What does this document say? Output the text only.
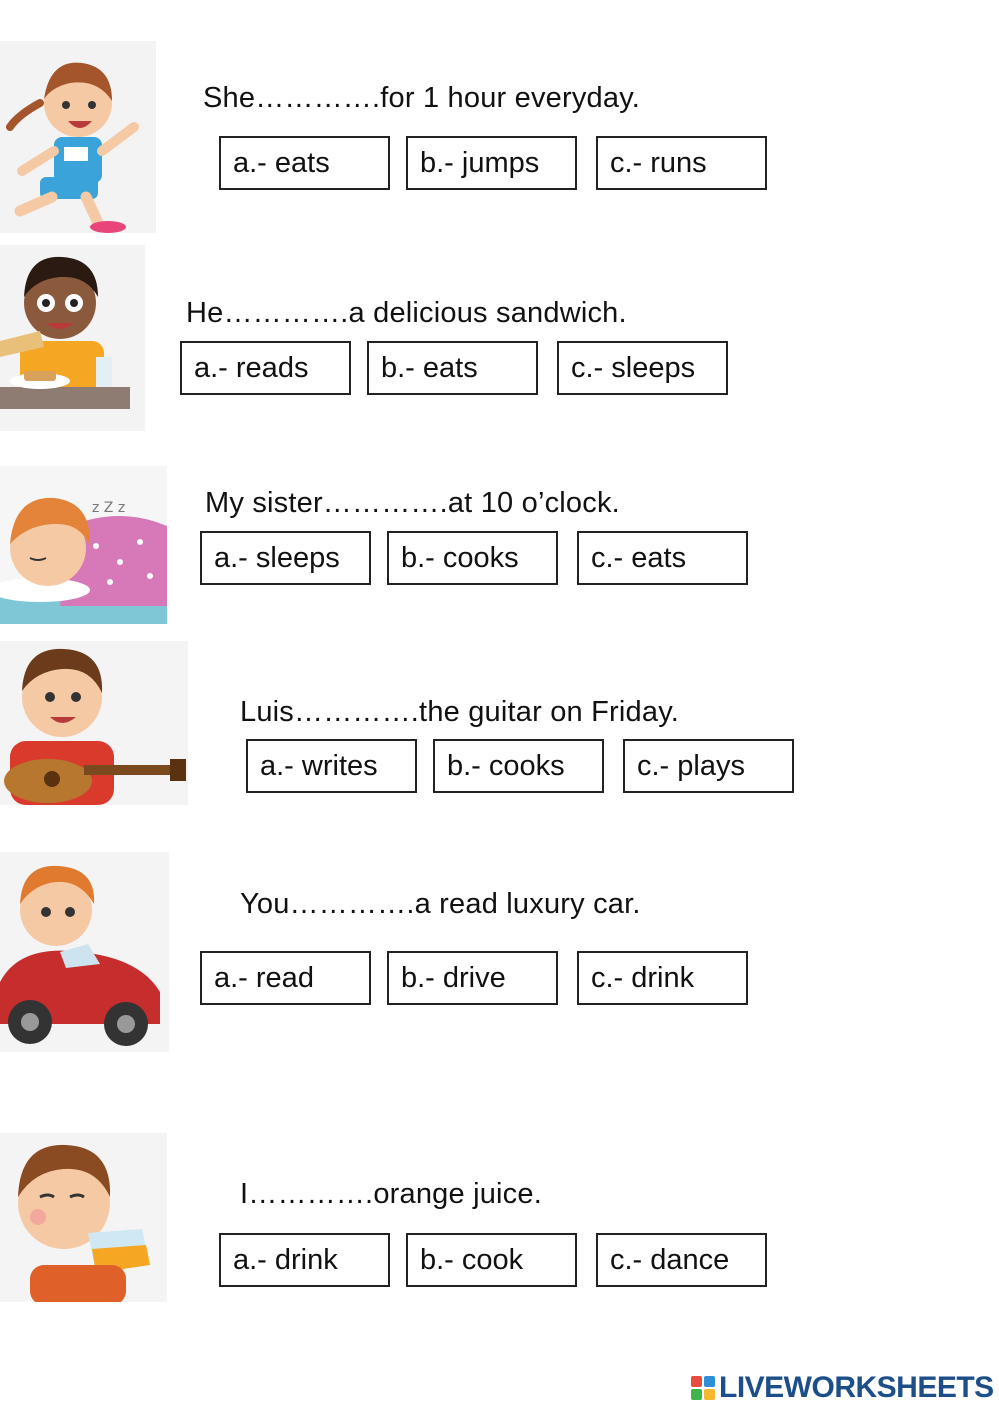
She………….for 1 hour everyday.
a.- eats	b.- jumps	c.- runs
He………….a delicious sandwich.
a.- reads	b.- eats	c.- sleeps
z Z z	My sister………….at 10 o’clock.
a.- sleeps	b.- cooks	c.- eats
Luis………….the guitar on Friday.
a.- writes	b.- cooks	c.- plays
You………….a read luxury car.
a.- read	b.- drive	c.- drink
I………….orange juice.
a.- drink	b.- cook	c.- dance
LIVEWORKSHEETS
